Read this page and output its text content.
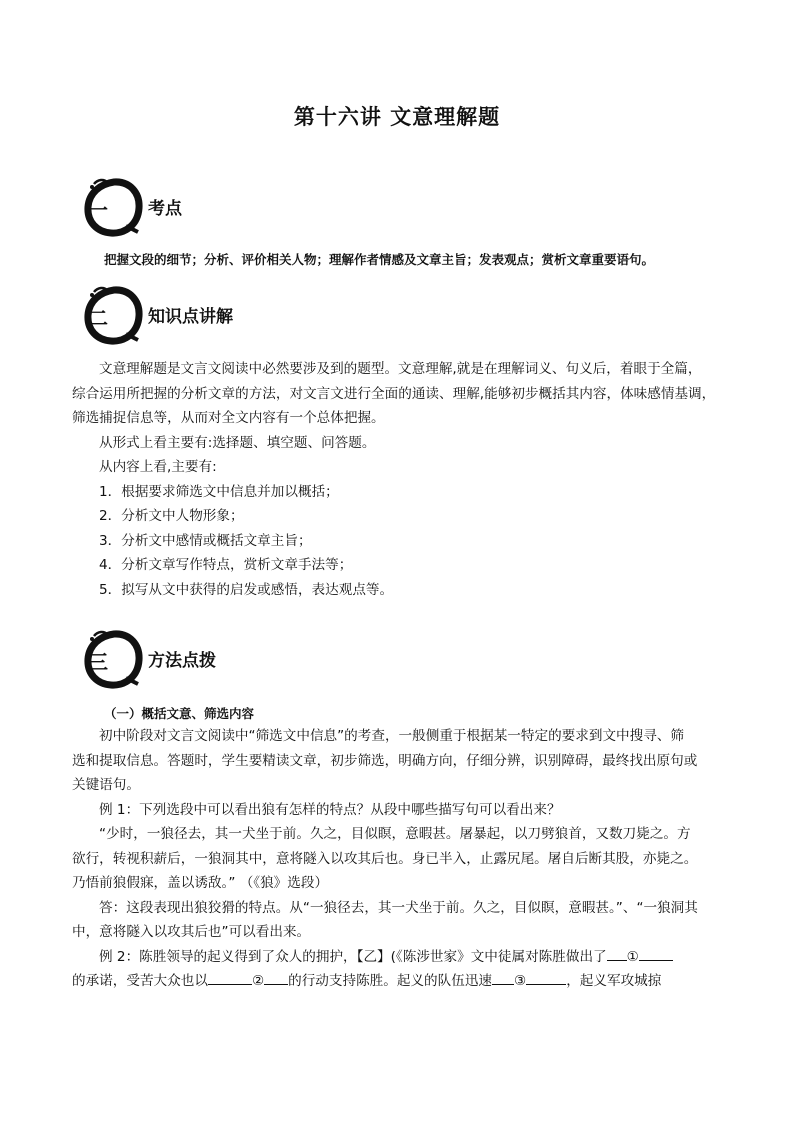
第十六讲 文意理解题
一 考点
把握文段的细节；分析、评价相关人物；理解作者情感及文章主旨；发表观点；赏析文章重要语句。
二 知识点讲解
文意理解题是文言文阅读中必然要涉及到的题型。文意理解,就是在理解词义、句义后，着眼于全篇，
综合运用所把握的分析文章的方法，对文言文进行全面的通读、理解,能够初步概括其内容，体味感情基调，
筛选捕捉信息等，从而对全文内容有一个总体把握。
从形式上看主要有:选择题、填空题、问答题。
从内容上看,主要有:
1．根据要求筛选文中信息并加以概括；
2．分析文中人物形象；
3．分析文中感情或概括文章主旨；
4．分析文章写作特点，赏析文章手法等；
5．拟写从文中获得的启发或感悟，表达观点等。
三 方法点拨
（一）概括文意、筛选内容
初中阶段对文言文阅读中“筛选文中信息”的考查，一般侧重于根据某一特定的要求到文中搜寻、筛
选和提取信息。答题时，学生要精读文章，初步筛选，明确方向，仔细分辨，识别障碍，最终找出原句或
关键语句。
例 1：下列选段中可以看出狼有怎样的特点？从段中哪些描写句可以看出来？
“少时，一狼径去，其一犬坐于前。久之，目似瞑，意暇甚。屠暴起，以刀劈狼首，又数刀毙之。方
欲行，转视积薪后，一狼洞其中，意将隧入以攻其后也。身已半入，止露尻尾。屠自后断其股，亦毙之。
乃悟前狼假寐，盖以诱敌。” （《狼》选段）
答：这段表现出狼狡猾的特点。从“一狼径去，其一犬坐于前。久之，目似瞑，意暇甚。”、“一狼洞其
中，意将隧入以攻其后也”可以看出来。
例 2：陈胜领导的起义得到了众人的拥护，【乙】(《陈涉世家》文中徒属对陈胜做出了 ①
的承诺，受苦大众也以	② 的行动支持陈胜。起义的队伍迅速 ③	，起义军攻城掠
